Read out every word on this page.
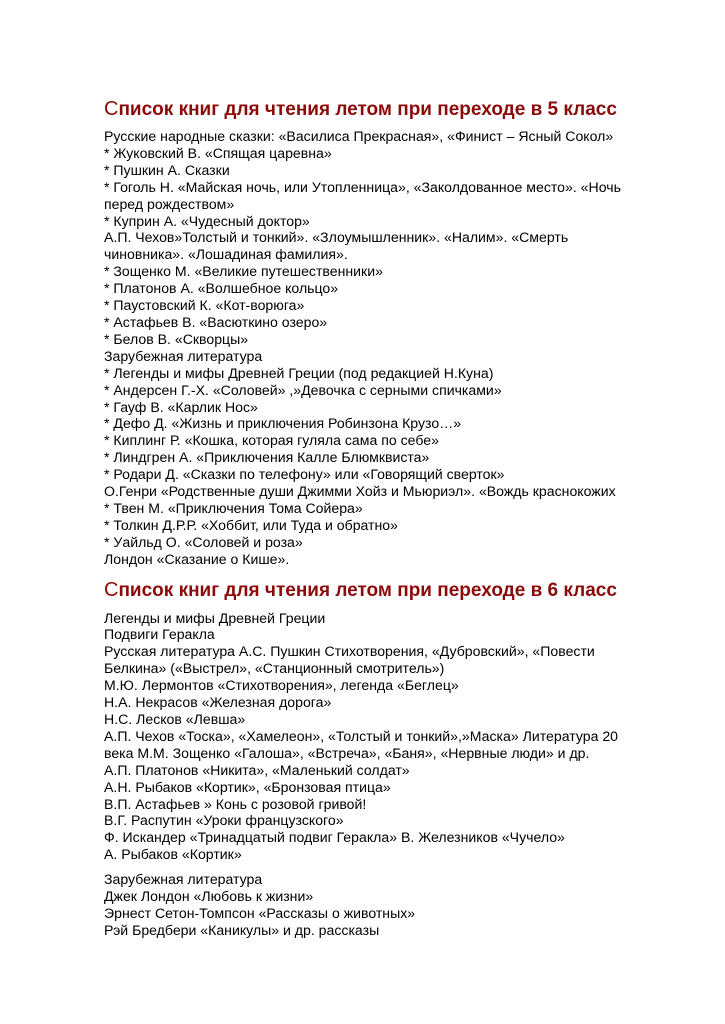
Список книг для чтения летом при переходе в 5 класс
Русские народные сказки: «Василиса Прекрасная», «Финист – Ясный Сокол»
* Жуковский В. «Спящая царевна»
* Пушкин А. Сказки
* Гоголь Н. «Майская ночь, или Утопленница», «Заколдованное место». «Ночь
перед рождеством»
* Куприн А. «Чудесный доктор»
А.П. Чехов»Толстый и тонкий». «Злоумышленник». «Налим». «Смерть
чиновника». «Лошадиная фамилия».
* Зощенко М. «Великие путешественники»
* Платонов А. «Волшебное кольцо»
* Паустовский К. «Кот-ворюга»
* Астафьев В. «Васюткино озеро»
* Белов В. «Скворцы»
Зарубежная литература
* Легенды и мифы Древней Греции (под редакцией Н.Куна)
* Андерсен Г.-Х. «Соловей» ,»Девочка с серными спичками»
* Гауф В. «Карлик Нос»
* Дефо Д. «Жизнь и приключения Робинзона Крузо…»
* Киплинг Р. «Кошка, которая гуляла сама по себе»
* Линдгрен А. «Приключения Калле Блюмквиста»
* Родари Д. «Сказки по телефону» или «Говорящий сверток»
О.Генри «Родственные души Джимми Хойз и Мьюриэл». «Вождь краснокожих
* Твен М. «Приключения Тома Сойера»
* Толкин Д.Р.Р. «Хоббит, или Туда и обратно»
* Уайльд О. «Соловей и роза»
Лондон «Сказание о Кише».
Список книг для чтения летом при переходе в 6 класс
Легенды и мифы Древней Греции
Подвиги Геракла
Русская литература А.С. Пушкин Стихотворения, «Дубровский», «Повести
Белкина» («Выстрел», «Станционный смотритель»)
М.Ю. Лермонтов «Стихотворения», легенда «Беглец»
Н.А. Некрасов «Железная дорога»
Н.С. Лесков «Левша»
А.П. Чехов «Тоска», «Хамелеон», «Толстый и тонкий»,»Маска» Литература 20
века М.М. Зощенко «Галоша», «Встреча», «Баня», «Нервные люди» и др.
А.П. Платонов «Никита», «Маленький солдат»
А.Н. Рыбаков «Кортик», «Бронзовая птица»
В.П. Астафьев » Конь с розовой гривой!
В.Г. Распутин «Уроки французского»
Ф. Искандер «Тринадцатый подвиг Геракла» В. Железников «Чучело»
А. Рыбаков «Кортик»
Зарубежная литература
Джек Лондон «Любовь к жизни»
Эрнест Сетон-Томпсон «Рассказы о животных»
Рэй Бредбери «Каникулы» и др. рассказы
